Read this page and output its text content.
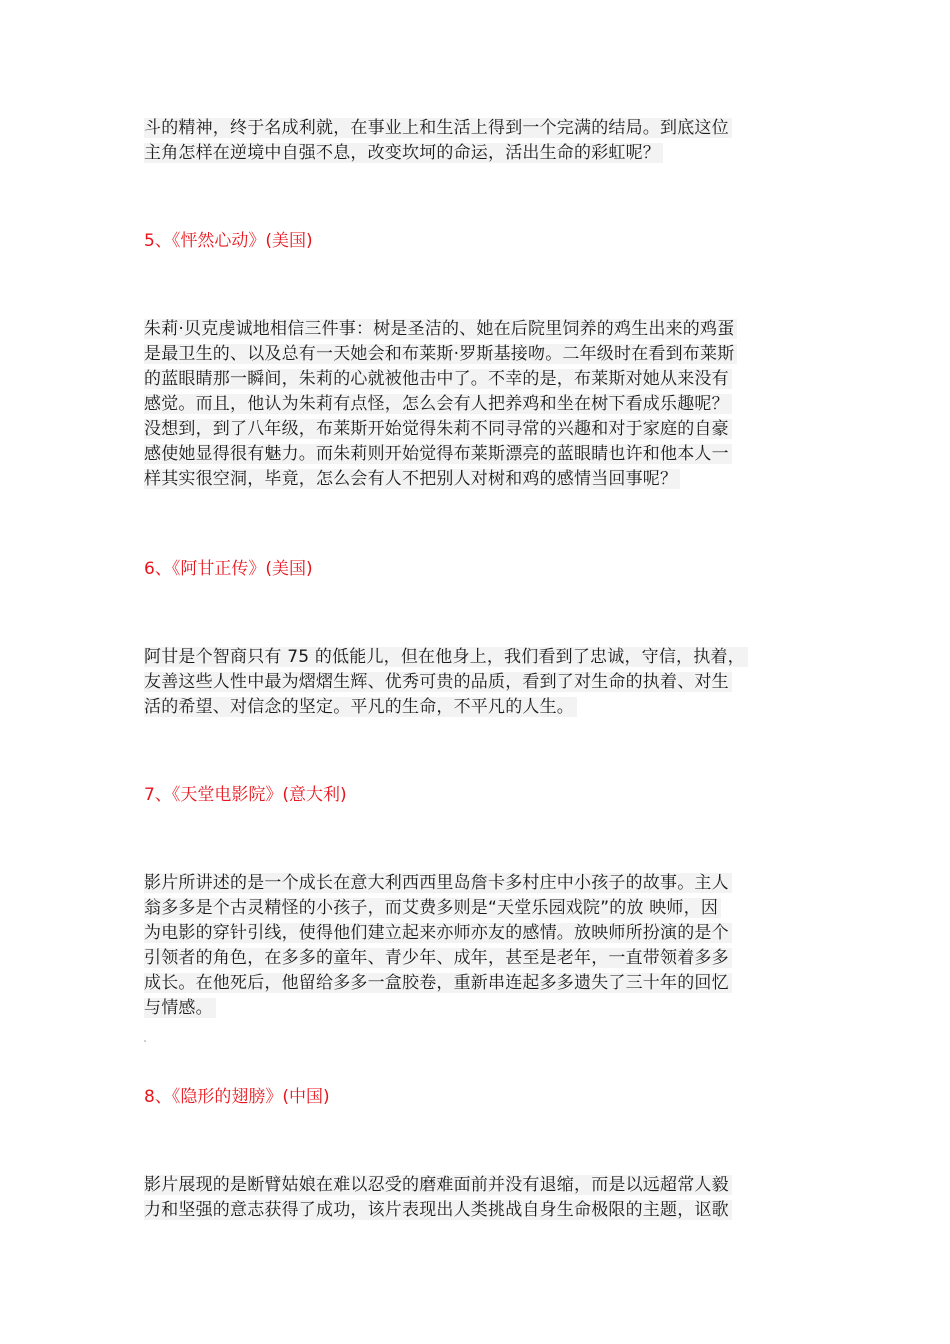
斗的精神，终于名成利就，在事业上和生活上得到一个完满的结局。到底这位
主角怎样在逆境中自强不息，改变坎坷的命运，活出生命的彩虹呢？

5、《怦然心动》(美国)

朱莉·贝克虔诚地相信三件事：树是圣洁的、她在后院里饲养的鸡生出来的鸡蛋
是最卫生的、以及总有一天她会和布莱斯·罗斯基接吻。二年级时在看到布莱斯
的蓝眼睛那一瞬间，朱莉的心就被他击中了。不幸的是，布莱斯对她从来没有
感觉。而且，他认为朱莉有点怪，怎么会有人把养鸡和坐在树下看成乐趣呢？
没想到，到了八年级，布莱斯开始觉得朱莉不同寻常的兴趣和对于家庭的自豪
感使她显得很有魅力。而朱莉则开始觉得布莱斯漂亮的蓝眼睛也许和他本人一
样其实很空洞，毕竟，怎么会有人不把别人对树和鸡的感情当回事呢？

6、《阿甘正传》(美国)

阿甘是个智商只有 75 的低能儿，但在他身上，我们看到了忠诚，守信，执着，
友善这些人性中最为熠熠生辉、优秀可贵的品质，看到了对生命的执着、对生
活的希望、对信念的坚定。平凡的生命，不平凡的人生。

7、《天堂电影院》(意大利)

影片所讲述的是一个成长在意大利西西里岛詹卡多村庄中小孩子的故事。主人
翁多多是个古灵精怪的小孩子，而艾费多则是“天堂乐园戏院”的放 映师，因
为电影的穿针引线，使得他们建立起来亦师亦友的感情。放映师所扮演的是个
引领者的角色，在多多的童年、青少年、成年，甚至是老年，一直带领着多多
成长。在他死后，他留给多多一盒胶卷，重新串连起多多遗失了三十年的回忆
与情感。

8、《隐形的翅膀》(中国)

影片展现的是断臂姑娘在难以忍受的磨难面前并没有退缩，而是以远超常人毅
力和坚强的意志获得了成功，该片表现出人类挑战自身生命极限的主题，讴歌
